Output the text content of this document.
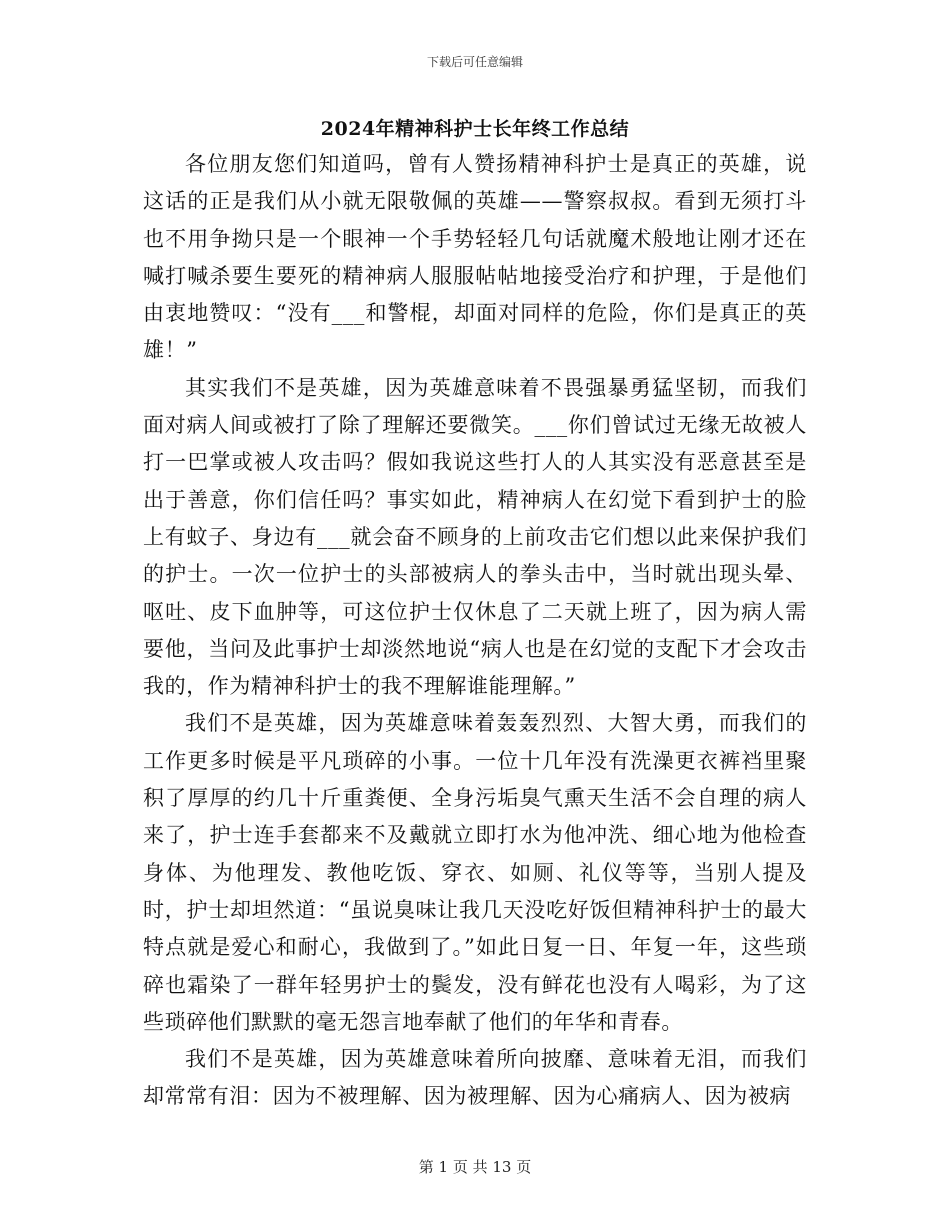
下载后可任意编辑
2024年精神科护士长年终工作总结

各位朋友您们知道吗，曾有人赞扬精神科护士是真正的英雄，说这话的正是我们从小就无限敬佩的英雄——警察叔叔。看到无须打斗也不用争拗只是一个眼神一个手势轻轻几句话就魔术般地让刚才还在喊打喊杀要生要死的精神病人服服帖帖地接受治疗和护理，于是他们由衷地赞叹：“没有___和警棍，却面对同样的危险，你们是真正的英雄！”

其实我们不是英雄，因为英雄意味着不畏强暴勇猛坚韧，而我们面对病人间或被打了除了理解还要微笑。___你们曾试过无缘无故被人打一巴掌或被人攻击吗？假如我说这些打人的人其实没有恶意甚至是出于善意，你们信任吗？事实如此，精神病人在幻觉下看到护士的脸上有蚊子、身边有___就会奋不顾身的上前攻击它们想以此来保护我们的护士。一次一位护士的头部被病人的拳头击中，当时就出现头晕、呕吐、皮下血肿等，可这位护士仅休息了二天就上班了，因为病人需要他，当问及此事护士却淡然地说“病人也是在幻觉的支配下才会攻击我的，作为精神科护士的我不理解谁能理解。”

我们不是英雄，因为英雄意味着轰轰烈烈、大智大勇，而我们的工作更多时候是平凡琐碎的小事。一位十几年没有洗澡更衣裤裆里聚积了厚厚的约几十斤重粪便、全身污垢臭气熏天生活不会自理的病人来了，护士连手套都来不及戴就立即打水为他冲洗、细心地为他检查身体、为他理发、教他吃饭、穿衣、如厕、礼仪等等，当别人提及时，护士却坦然道：“虽说臭味让我几天没吃好饭但精神科护士的最大特点就是爱心和耐心，我做到了。”如此日复一日、年复一年，这些琐碎也霜染了一群年轻男护士的鬓发，没有鲜花也没有人喝彩，为了这些琐碎他们默默的毫无怨言地奉献了他们的年华和青春。

我们不是英雄，因为英雄意味着所向披靡、意味着无泪，而我们却常常有泪：因为不被理解、因为被理解、因为心痛病人、因为被病

第 1 页 共 13 页
